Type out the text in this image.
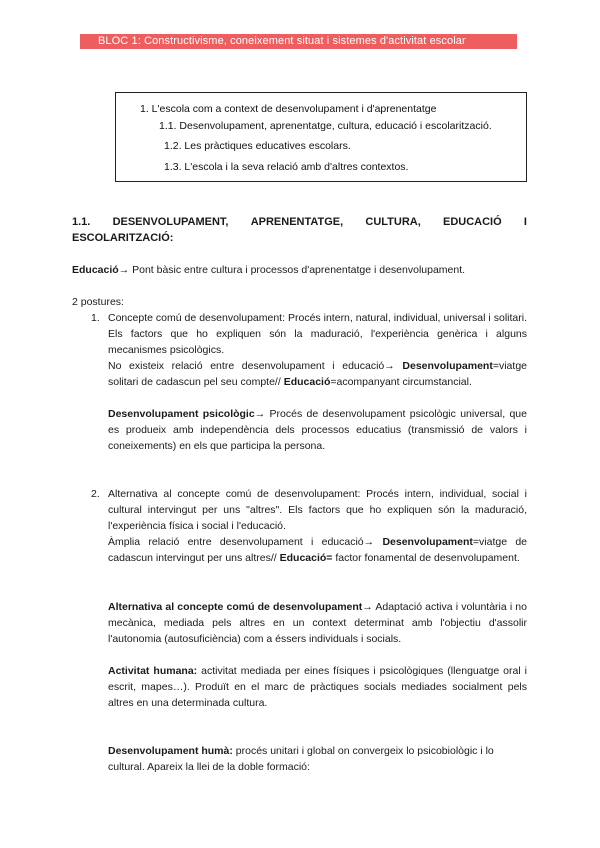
BLOC 1: Constructivisme, coneixement situat i sistemes d'activitat escolar
1. L'escola com a context de desenvolupament i d'aprenentatge
1.1. Desenvolupament, aprenentatge, cultura, educació i escolarització.
1.2. Les pràctiques educatives escolars.
1.3. L'escola i la seva relació amb d'altres contextos.
1.1. DESENVOLUPAMENT, APRENENTATGE, CULTURA, EDUCACIÓ I
ESCOLARITZACIÓ:
Educació→ Pont bàsic entre cultura i processos d'aprenentatge i desenvolupament.
2 postures:
1. Concepte comú de desenvolupament: Procés intern, natural, individual, universal i solitari. Els factors que ho expliquen són la maduració, l'experiència genèrica i alguns mecanismes psicològics.
No existeix relació entre desenvolupament i educació→ Desenvolupament=viatge solitari de cadascun pel seu compte// Educació=acompanyant circumstancial.
Desenvolupament psicològic→ Procés de desenvolupament psicològic universal, que es produeix amb independència dels processos educatius (transmissió de valors i coneixements) en els que participa la persona.
2. Alternativa al concepte comú de desenvolupament: Procés intern, individual, social i cultural intervingut per uns "altres". Els factors que ho expliquen són la maduració, l'experiència física i social i l'educació.
Àmplia relació entre desenvolupament i educació→ Desenvolupament=viatge de cadascun intervingut per uns altres// Educació= factor fonamental de desenvolupament.
Alternativa al concepte comú de desenvolupament→ Adaptació activa i voluntària i no mecànica, mediada pels altres en un context determinat amb l'objectiu d'assolir l'autonomia (autosuficiència) com a éssers individuals i socials.
Activitat humana: activitat mediada per eines físiques i psicològiques (llenguatge oral i escrit, mapes…). Produït en el marc de pràctiques socials mediades socialment pels altres en una determinada cultura.
Desenvolupament humà: procés unitari i global on convergeix lo psicobiològic i lo cultural. Apareix la llei de la doble formació:
